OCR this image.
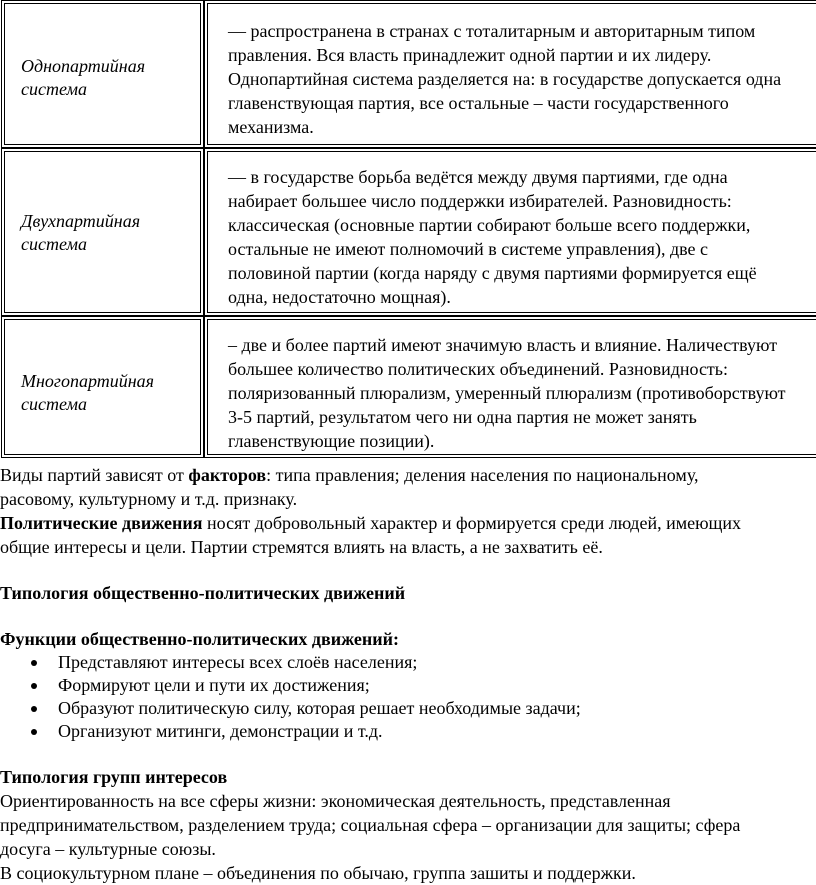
Однопартийная система
— распространена в странах с тоталитарным и авторитарным типом
правления. Вся власть принадлежит одной партии и их лидеру.
Однопартийная система разделяется на: в государстве допускается одна
главенствующая партия, все остальные – части государственного
механизма.
Двухпартийная система
— в государстве борьба ведётся между двумя партиями, где одна
набирает большее число поддержки избирателей. Разновидность:
классическая (основные партии собирают больше всего поддержки,
остальные не имеют полномочий в системе управления), две с
половиной партии (когда наряду с двумя партиями формируется ещё
одна, недостаточно мощная).
Многопартийная система
– две и более партий имеют значимую власть и влияние. Наличествуют
большее количество политических объединений. Разновидность:
поляризованный плюрализм, умеренный плюрализм (противоборствуют
3-5 партий, результатом чего ни одна партия не может занять
главенствующие позиции).

Виды партий зависят от факторов: типа правления; деления населения по национальному,
расовому, культурному и т.д. признаку.

Политические движения носят добровольный характер и формируется среди людей, имеющих
общие интересы и цели. Партии стремятся влиять на власть, а не захватить её.

Типология общественно-политических движений

Функции общественно-политических движений:

Представляют интересы всех слоёв населения;
Формируют цели и пути их достижения;
Образуют политическую силу, которая решает необходимые задачи;
Организуют митинги, демонстрации и т.д.

Типология групп интересов

Ориентированность на все сферы жизни: экономическая деятельность, представленная

предпринимательством, разделением труда; социальная сфера – организации для защиты; сфера

досуга – культурные союзы.

В социокультурном плане – объединения по обычаю, группа зашиты и поддержки.
